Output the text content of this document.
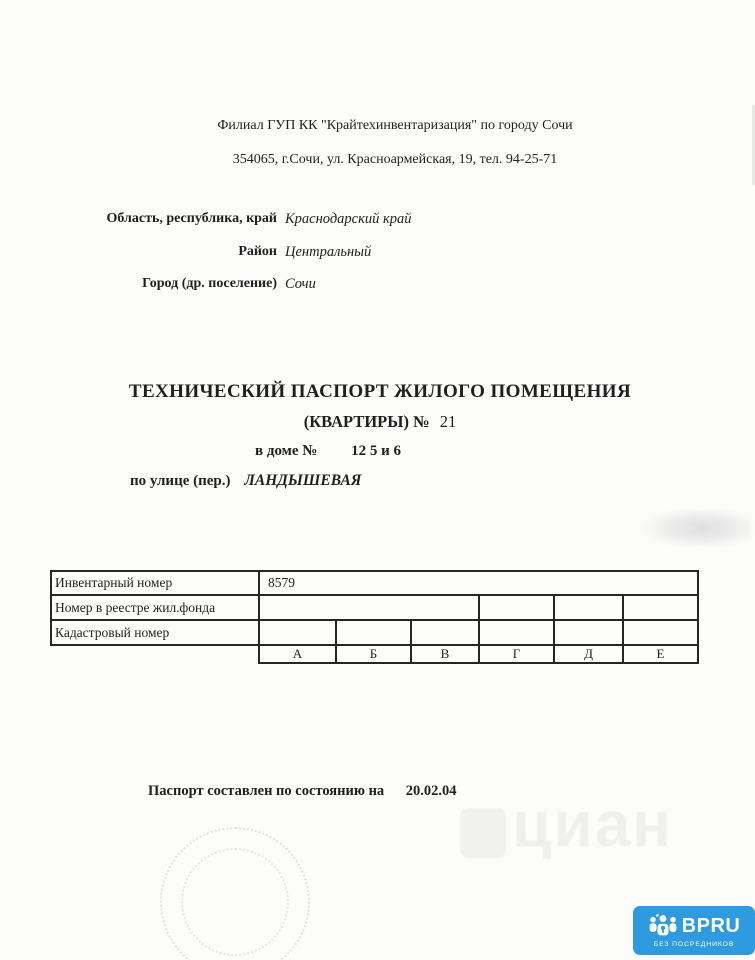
циан
Филиал ГУП КК "Крайтехинвентаризация" по городу Сочи
354065, г.Сочи, ул. Красноармейская, 19, тел. 94-25-71
Область, республика, край Краснодарский край
Район Центральный
Город (др. поселение) Сочи
ТЕХНИЧЕСКИЙ ПАСПОРТ ЖИЛОГО ПОМЕЩЕНИЯ
(КВАРТИРЫ) № 21
в доме № 12 5 и 6
по улице (пер.) ЛАНДЫШЕВАЯ
Инвентарный номер	8579					
Номер в реестре жил.фонда						
Кадастровый номер						
	А	Б	В	Г	Д	Е
Паспорт составлен по состоянию на 20.02.04
BPRU
БЕЗ ПОСРЕДНИКОВ
